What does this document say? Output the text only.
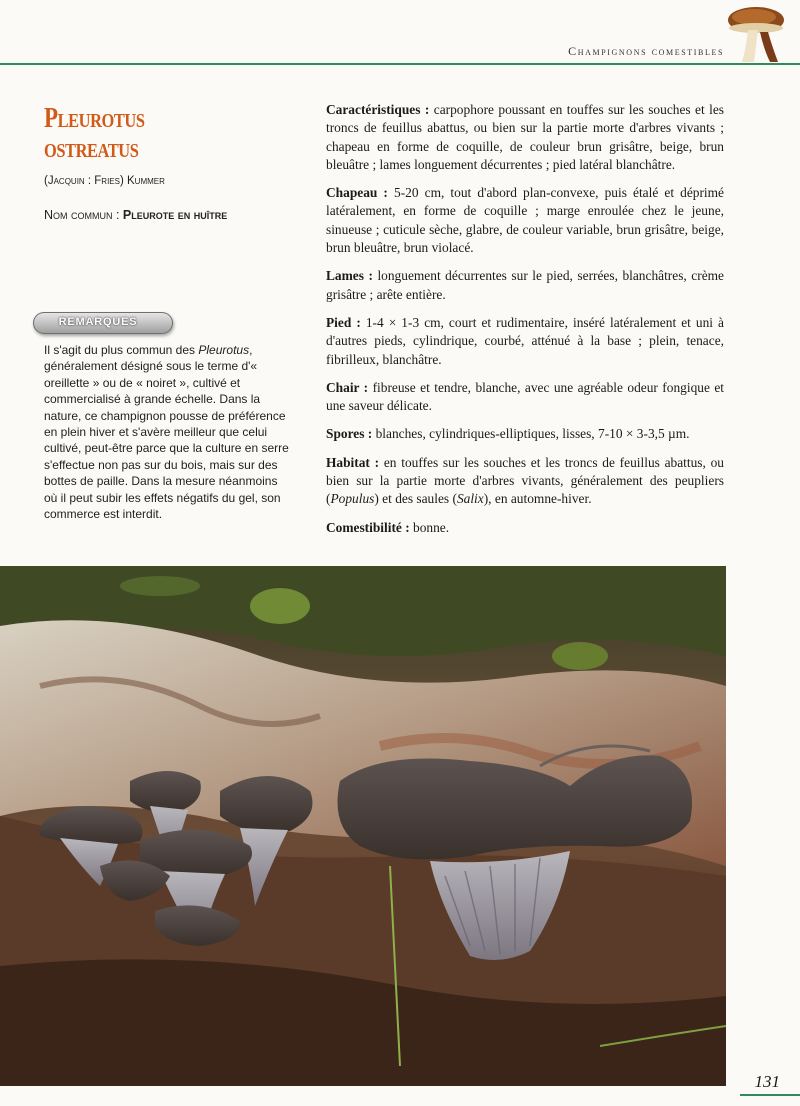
Champignons comestibles
Pleurotus
ostreatus
(Jacquin : Fries) Kummer
Nom commun : Pleurote en huître
REMARQUES
Il s'agit du plus commun des Pleurotus, généralement désigné sous le terme d'« oreillette » ou de « noiret », cultivé et commercialisé à grande échelle. Dans la nature, ce champignon pousse de préférence en plein hiver et s'avère meilleur que celui cultivé, peut-être parce que la culture en serre s'effectue non pas sur du bois, mais sur des bottes de paille. Dans la mesure néanmoins où il peut subir les effets négatifs du gel, son commerce est interdit.

Caractéristiques : carpophore poussant en touffes sur les souches et les troncs de feuillus abattus, ou bien sur la partie morte d'arbres vivants ; chapeau en forme de coquille, de couleur brun grisâtre, beige, brun bleuâtre ; lames longuement décurrentes ; pied latéral blanchâtre.

Chapeau : 5-20 cm, tout d'abord plan-convexe, puis étalé et déprimé latéralement, en forme de coquille ; marge enroulée chez le jeune, sinueuse ; cuticule sèche, glabre, de couleur variable, brun grisâtre, beige, brun bleuâtre, brun violacé.

Lames : longuement décurrentes sur le pied, serrées, blanchâtres, crème grisâtre ; arête entière.

Pied : 1-4 × 1-3 cm, court et rudimentaire, inséré latéralement et uni à d'autres pieds, cylindrique, courbé, atténué à la base ; plein, tenace, fibrilleux, blanchâtre.

Chair : fibreuse et tendre, blanche, avec une agréable odeur fongique et une saveur délicate.

Spores : blanches, cylindriques-elliptiques, lisses, 7-10 × 3-3,5 µm.

Habitat : en touffes sur les souches et les troncs de feuillus abattus, ou bien sur la partie morte d'arbres vivants, généralement des peupliers (Populus) et des saules (Salix), en automne-hiver.

Comestibilité : bonne.

131
